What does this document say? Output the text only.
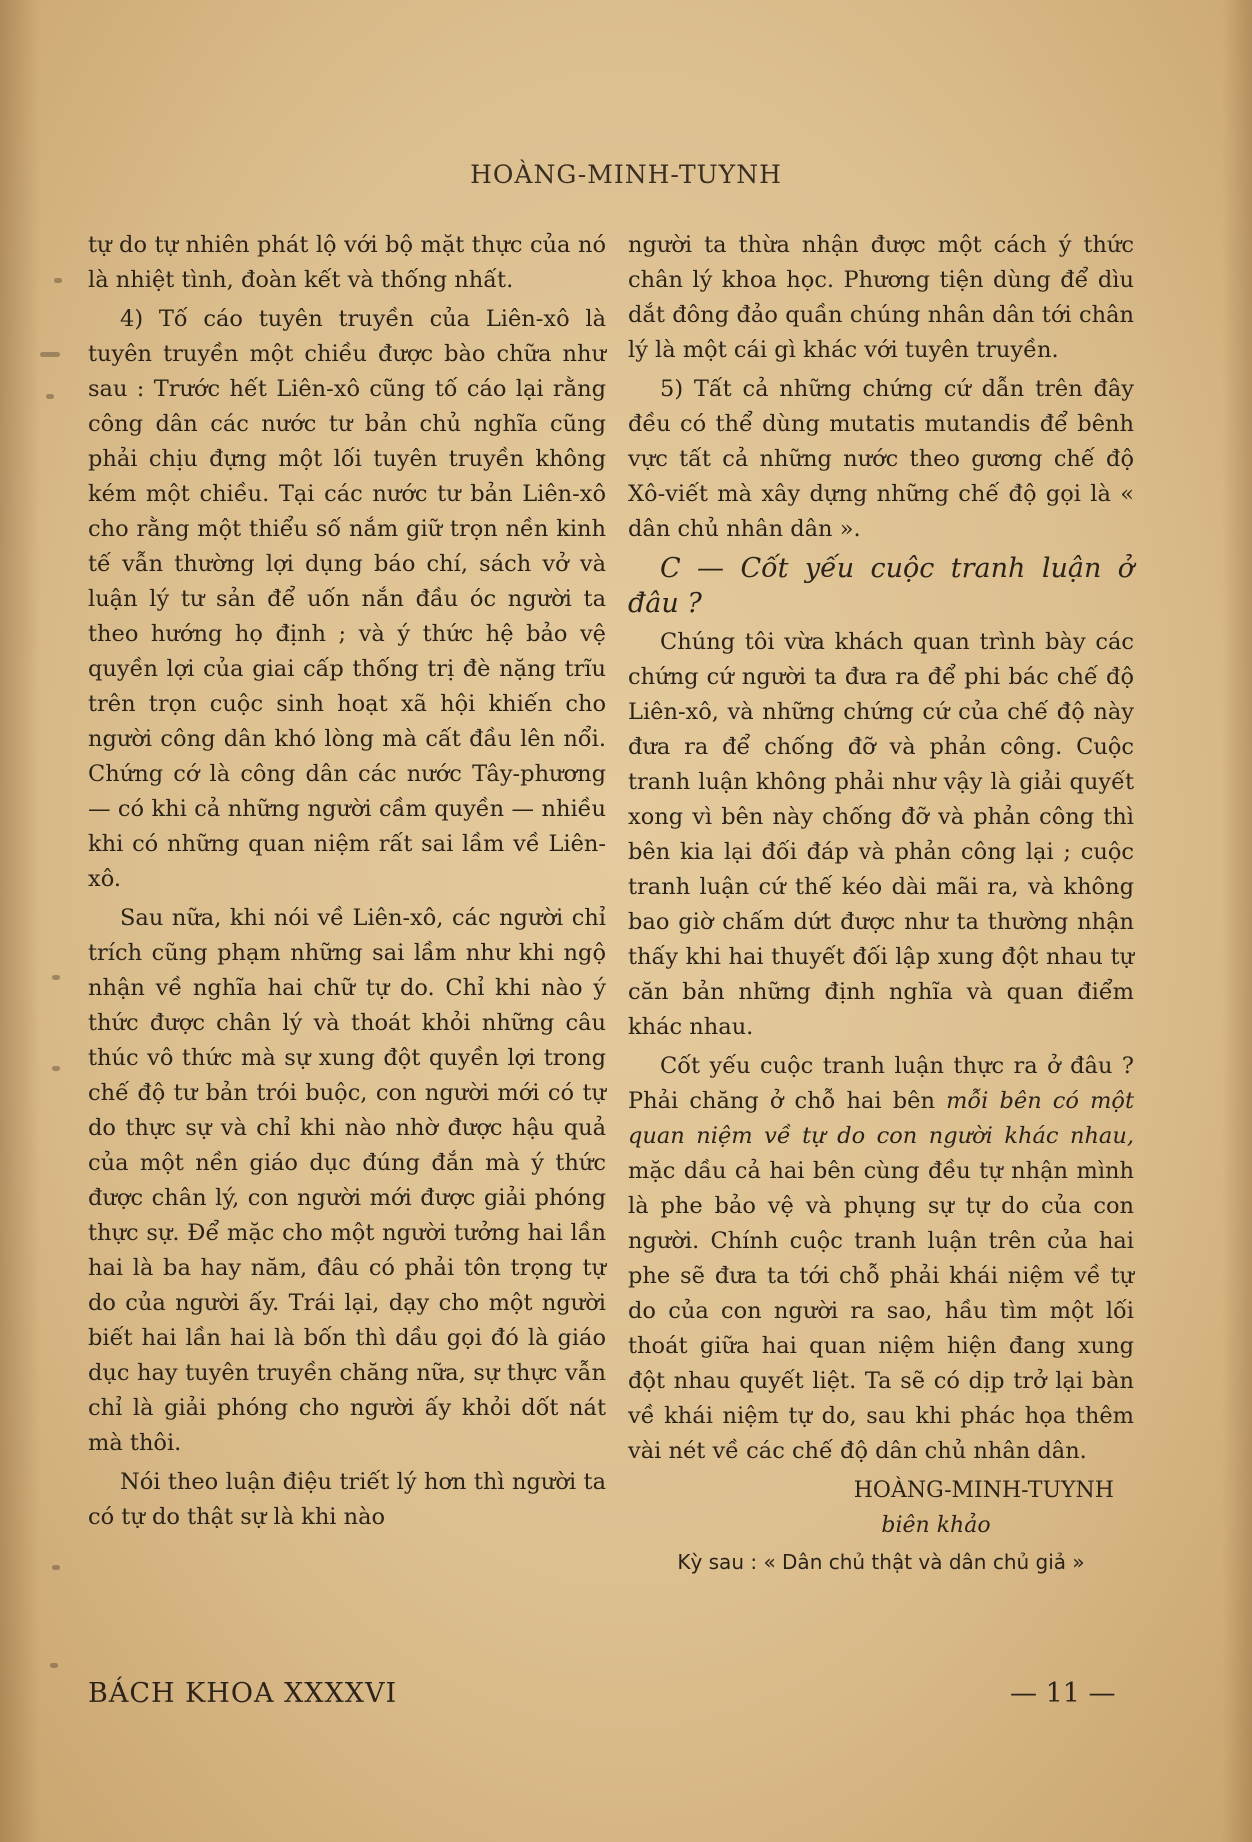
HOÀNG-MINH-TUYNH

tự do tự nhiên phát lộ với bộ mặt thực của nó là nhiệt tình, đoàn kết và thống nhất.

4) Tố cáo tuyên truyền của Liên-xô là tuyên truyền một chiều được bào chữa như sau : Trước hết Liên-xô cũng tố cáo lại rằng công dân các nước tư bản chủ nghĩa cũng phải chịu đựng một lối tuyên truyền không kém một chiều. Tại các nước tư bản Liên-xô cho rằng một thiểu số nắm giữ trọn nền kinh tế vẫn thường lợi dụng báo chí, sách vở và luận lý tư sản để uốn nắn đầu óc người ta theo hướng họ định ; và ý thức hệ bảo vệ quyền lợi của giai cấp thống trị đè nặng trĩu trên trọn cuộc sinh hoạt xã hội khiến cho người công dân khó lòng mà cất đầu lên nổi. Chứng cớ là công dân các nước Tây-phương — có khi cả những người cầm quyền — nhiều khi có những quan niệm rất sai lầm về Liên-xô.

Sau nữa, khi nói về Liên-xô, các người chỉ trích cũng phạm những sai lầm như khi ngộ nhận về nghĩa hai chữ tự do. Chỉ khi nào ý thức được chân lý và thoát khỏi những câu thúc vô thức mà sự xung đột quyền lợi trong chế độ tư bản trói buộc, con người mới có tự do thực sự và chỉ khi nào nhờ được hậu quả của một nền giáo dục đúng đắn mà ý thức được chân lý, con người mới được giải phóng thực sự. Để mặc cho một người tưởng hai lần hai là ba hay năm, đâu có phải tôn trọng tự do của người ấy. Trái lại, dạy cho một người biết hai lần hai là bốn thì dầu gọi đó là giáo dục hay tuyên truyền chăng nữa, sự thực vẫn chỉ là giải phóng cho người ấy khỏi dốt nát mà thôi.

Nói theo luận điệu triết lý hơn thì người ta có tự do thật sự là khi nào

người ta thừa nhận được một cách ý thức chân lý khoa học. Phương tiện dùng để dìu dắt đông đảo quần chúng nhân dân tới chân lý là một cái gì khác với tuyên truyền.

5) Tất cả những chứng cứ dẫn trên đây đều có thể dùng mutatis mutandis để bênh vực tất cả những nước theo gương chế độ Xô-viết mà xây dựng những chế độ gọi là « dân chủ nhân dân ».

C — Cốt yếu cuộc tranh luận ở đâu ?

Chúng tôi vừa khách quan trình bày các chứng cứ người ta đưa ra để phi bác chế độ Liên-xô, và những chứng cứ của chế độ này đưa ra để chống đỡ và phản công. Cuộc tranh luận không phải như vậy là giải quyết xong vì bên này chống đỡ và phản công thì bên kia lại đối đáp và phản công lại ; cuộc tranh luận cứ thế kéo dài mãi ra, và không bao giờ chấm dứt được như ta thường nhận thấy khi hai thuyết đối lập xung đột nhau tự căn bản những định nghĩa và quan điểm khác nhau.

Cốt yếu cuộc tranh luận thực ra ở đâu ? Phải chăng ở chỗ hai bên mỗi bên có một quan niệm về tự do con người khác nhau, mặc dầu cả hai bên cùng đều tự nhận mình là phe bảo vệ và phụng sự tự do của con người. Chính cuộc tranh luận trên của hai phe sẽ đưa ta tới chỗ phải khái niệm về tự do của con người ra sao, hầu tìm một lối thoát giữa hai quan niệm hiện đang xung đột nhau quyết liệt. Ta sẽ có dịp trở lại bàn về khái niệm tự do, sau khi phác họa thêm vài nét về các chế độ dân chủ nhân dân.

HOÀNG-MINH-TUYNH
biên khảo
Kỳ sau : « Dân chủ thật và dân chủ giả »
BÁCH KHOA XXXXVI	— 11 —
